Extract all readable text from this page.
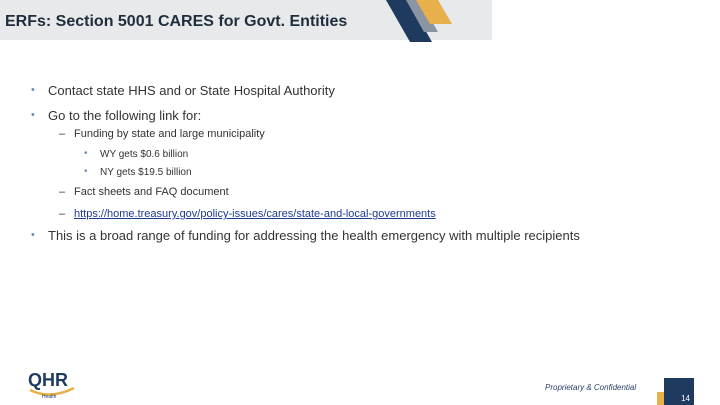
ERFs: Section 5001 CARES for Govt. Entities
• Contact state HHS and or State Hospital Authority
• Go to the following link for:
– Funding by state and large municipality
• WY gets $0.6 billion
• NY gets $19.5 billion
– Fact sheets and FAQ document
– https://home.treasury.gov/policy-issues/cares/state-and-local-governments
• This is a broad range of funding for addressing the health emergency with multiple recipients
QHR
Health
Proprietary & Confidential
14
